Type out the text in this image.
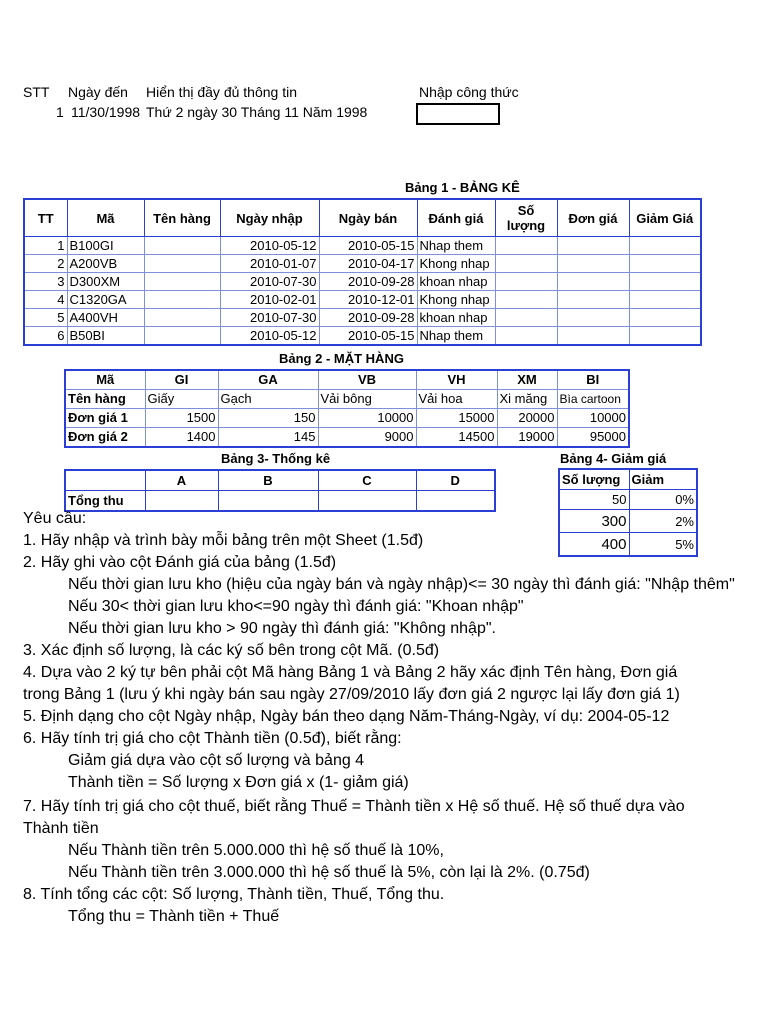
STT Ngày đến Hiển thị đầy đủ thông tin	Nhập công thức
1 11/30/1998 Thứ 2 ngày 30 Tháng 11 Năm 1998
Bảng 1 - BẢNG KÊ
TT	Mã	Tên hàng	Ngày nhập	Ngày bán	Đánh giá	Số lượng	Đơn giá	Giảm Giá
1	B100GI		2010-05-12	2010-05-15	Nhap them			
2	A200VB		2010-01-07	2010-04-17	Khong nhap			
3	D300XM		2010-07-30	2010-09-28	khoan nhap			
4	C1320GA		2010-02-01	2010-12-01	Khong nhap			
5	A400VH		2010-07-30	2010-09-28	khoan nhap			
6	B50BI		2010-05-12	2010-05-15	Nhap them			
Bảng 2 - MẶT HÀNG
Mã	GI	GA	VB	VH	XM	BI
Tên hàng	Giấy	Gạch	Vải bông	Vải hoa	Xi măng	Bìa cartoon
Đơn giá 1	1500	150	10000	15000	20000	10000
Đơn giá 2	1400	145	9000	14500	19000	95000
Bảng 3- Thống kê
	A	B	C	D
Tổng thu				
Bảng 4- Giảm giá
Số lượng	Giảm
50	0%
300	2%
400	5%
Yêu cầu:
1. Hãy nhập và trình bày mỗi bảng trên một Sheet (1.5đ)
2. Hãy ghi vào cột Đánh giá của bảng (1.5đ)
Nếu thời gian lưu kho (hiệu của ngày bán và ngày nhập)<= 30 ngày thì đánh giá: "Nhập thêm"
Nếu 30< thời gian lưu kho<=90 ngày thì đánh giá: "Khoan nhập"
Nếu thời gian lưu kho > 90 ngày thì đánh giá: "Không nhập".
3. Xác định số lượng, là các ký số bên trong cột Mã. (0.5đ)
4. Dựa vào 2 ký tự bên phải cột Mã hàng Bảng 1 và Bảng 2 hãy xác định Tên hàng, Đơn giá
trong Bảng 1 (lưu ý khi ngày bán sau ngày 27/09/2010 lấy đơn giá 2 ngược lại lấy đơn giá 1)
5. Định dạng cho cột Ngày nhập, Ngày bán theo dạng Năm-Tháng-Ngày, ví dụ: 2004-05-12
6. Hãy tính trị giá cho cột Thành tiền (0.5đ), biết rằng:
Giảm giá dựa vào cột số lượng và bảng 4
Thành tiền = Số lượng x Đơn giá x (1- giảm giá)
7. Hãy tính trị giá cho cột thuế, biết rằng Thuế = Thành tiền x Hệ số thuế. Hệ số thuế dựa vào
Thành tiền
Nếu Thành tiền trên 5.000.000 thì hệ số thuế là 10%,
Nếu Thành tiền trên 3.000.000 thì hệ số thuế là 5%, còn lại là 2%. (0.75đ)
8. Tính tổng các cột: Số lượng, Thành tiền, Thuế, Tổng thu.
Tổng thu = Thành tiền + Thuế
